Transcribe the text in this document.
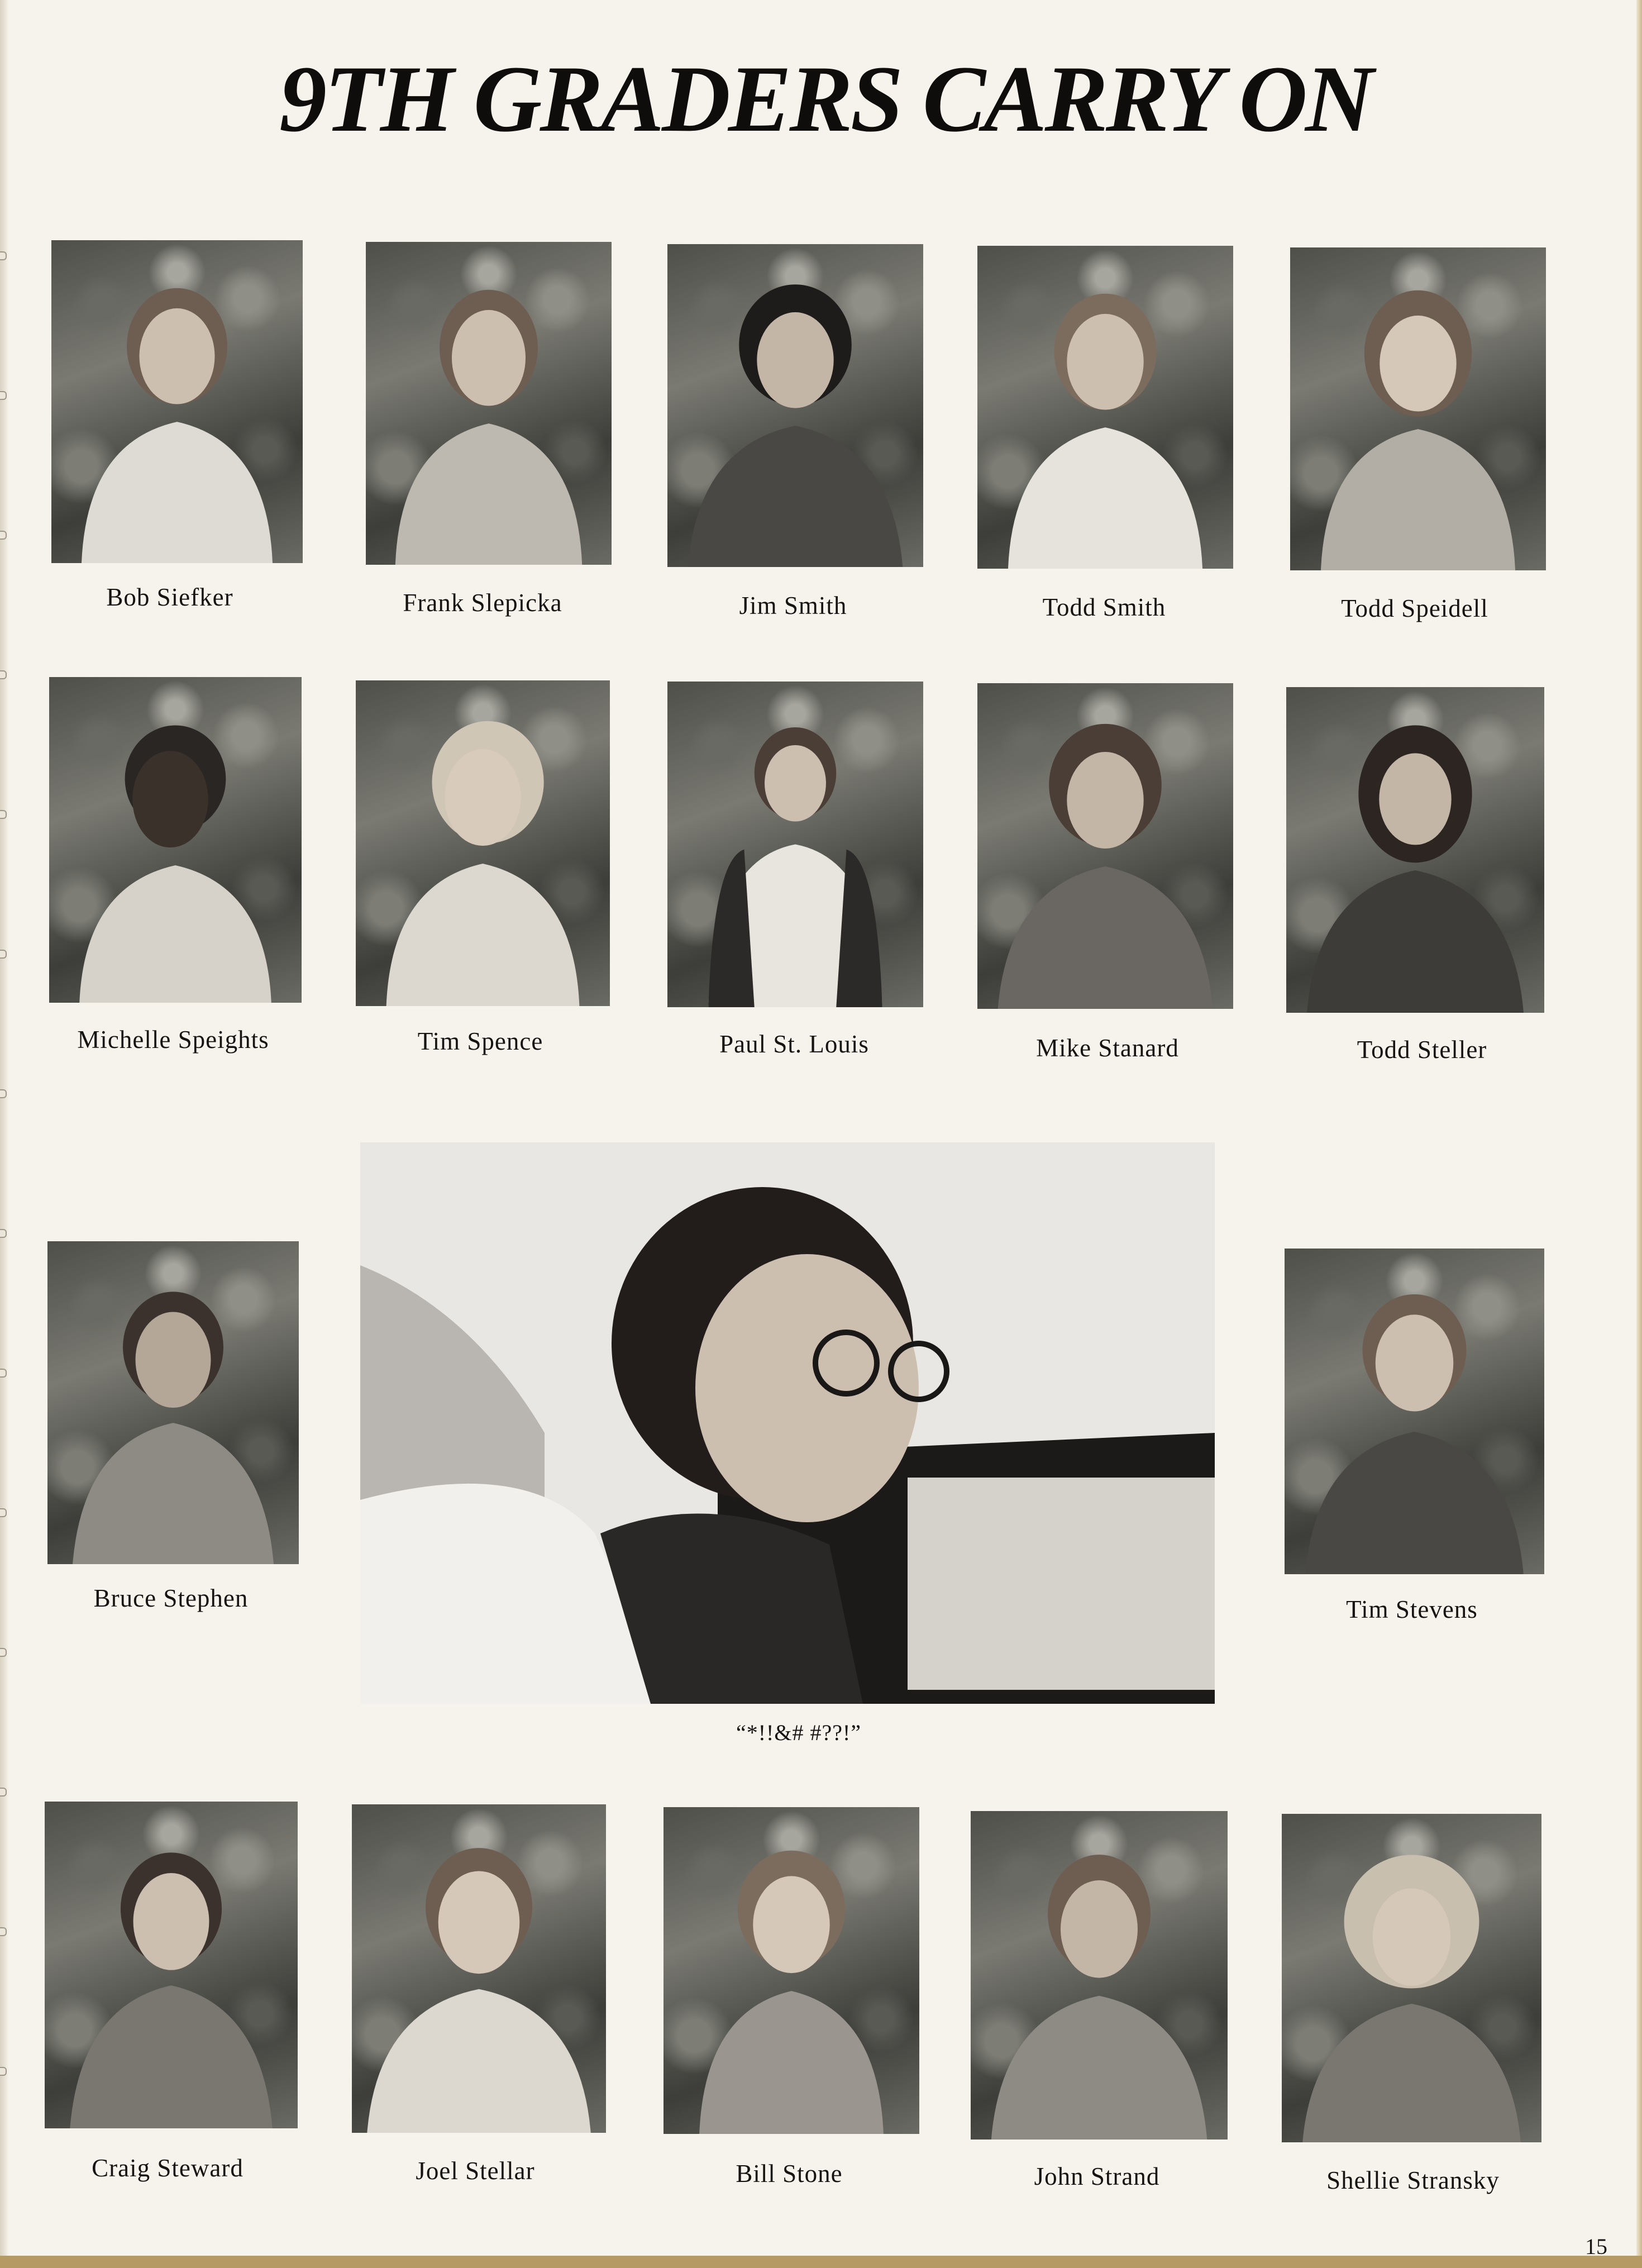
9TH GRADERS CARRY ON
Bob Siefker	Frank Slepicka	Jim Smith	Todd Smith	Todd Speidell
Michelle Speights	Tim Spence	Paul St. Louis	Mike Stanard	Todd Steller
“*!!&# #??!”
Bruce Stephen	Tim Stevens
Craig Steward	Joel Stellar	Bill Stone	John Strand	Shellie Stransky
15
